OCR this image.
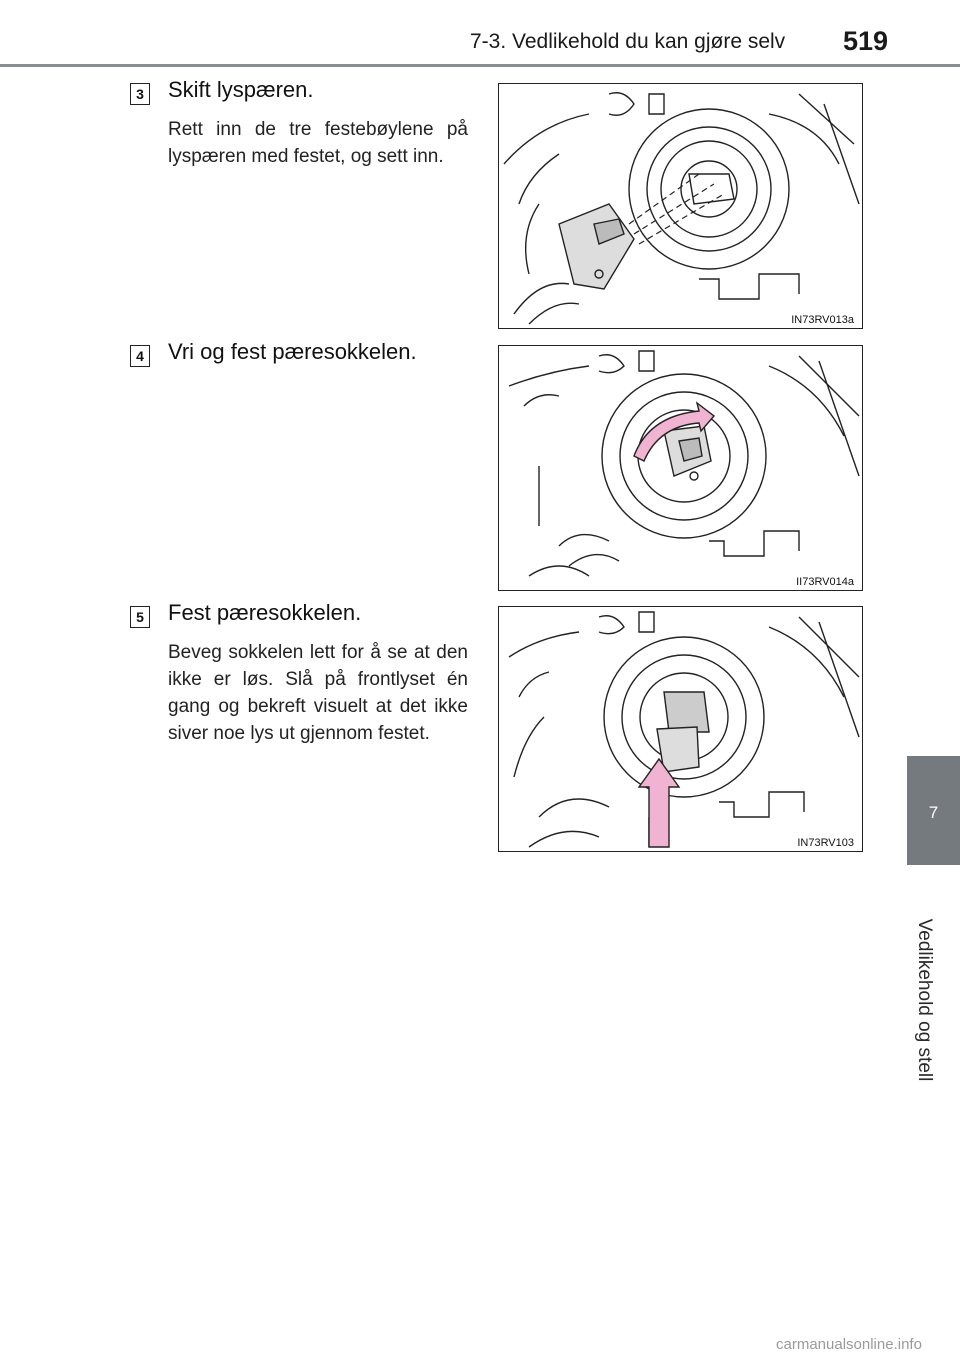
7-3. Vedlikehold du kan gjøre selv 519
7
Vedlikehold og stell
3 Skift lyspæren.
Rett inn de tre festebøylene på lyspæren med festet, og sett inn.
IN73RV013a
4 Vri og fest pæresokkelen.
II73RV014a
5 Fest pæresokkelen.
Beveg sokkelen lett for å se at den ikke er løs. Slå på frontlyset én gang og bekreft visuelt at det ikke siver noe lys ut gjennom festet.
IN73RV103
carmanualsonline.info
